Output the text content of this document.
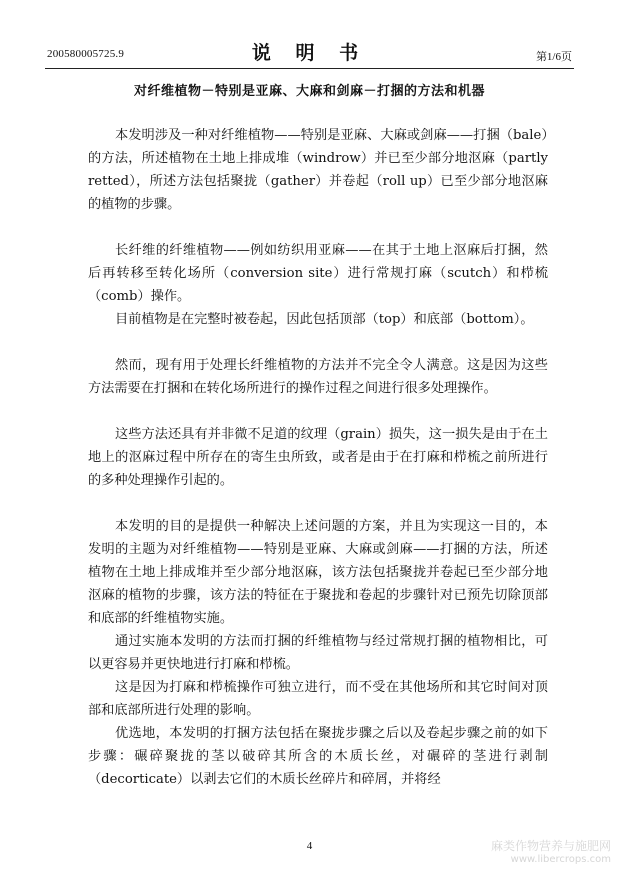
200580005725.9	说 明 书	第1/6页
对纤维植物－特别是亚麻、大麻和剑麻－打捆的方法和机器

本发明涉及一种对纤维植物——特别是亚麻、大麻或剑麻——打捆（bale）的方法，所述植物在土地上排成堆（windrow）并已至少部分地沤麻（partly retted），所述方法包括聚拢（gather）并卷起（roll up）已至少部分地沤麻的植物的步骤。

长纤维的纤维植物——例如纺织用亚麻——在其于土地上沤麻后打捆，然后再转移至转化场所（conversion site）进行常规打麻（scutch）和栉梳（comb）操作。

目前植物是在完整时被卷起，因此包括顶部（top）和底部（bottom）。

然而，现有用于处理长纤维植物的方法并不完全令人满意。这是因为这些方法需要在打捆和在转化场所进行的操作过程之间进行很多处理操作。

这些方法还具有并非微不足道的纹理（grain）损失，这一损失是由于在土地上的沤麻过程中所存在的寄生虫所致，或者是由于在打麻和栉梳之前所进行的多种处理操作引起的。

本发明的目的是提供一种解决上述问题的方案，并且为实现这一目的，本发明的主题为对纤维植物——特别是亚麻、大麻或剑麻——打捆的方法，所述植物在土地上排成堆并至少部分地沤麻，该方法包括聚拢并卷起已至少部分地沤麻的植物的步骤，该方法的特征在于聚拢和卷起的步骤针对已预先切除顶部和底部的纤维植物实施。

通过实施本发明的方法而打捆的纤维植物与经过常规打捆的植物相比，可以更容易并更快地进行打麻和栉梳。

这是因为打麻和栉梳操作可独立进行，而不受在其他场所和其它时间对顶部和底部所进行处理的影响。

优选地，本发明的打捆方法包括在聚拢步骤之后以及卷起步骤之前的如下步骤：碾碎聚拢的茎以破碎其所含的木质长丝，对碾碎的茎进行剥制（decorticate）以剥去它们的木质长丝碎片和碎屑，并将经

4	麻类作物营养与施肥网
www.libercrops.com
